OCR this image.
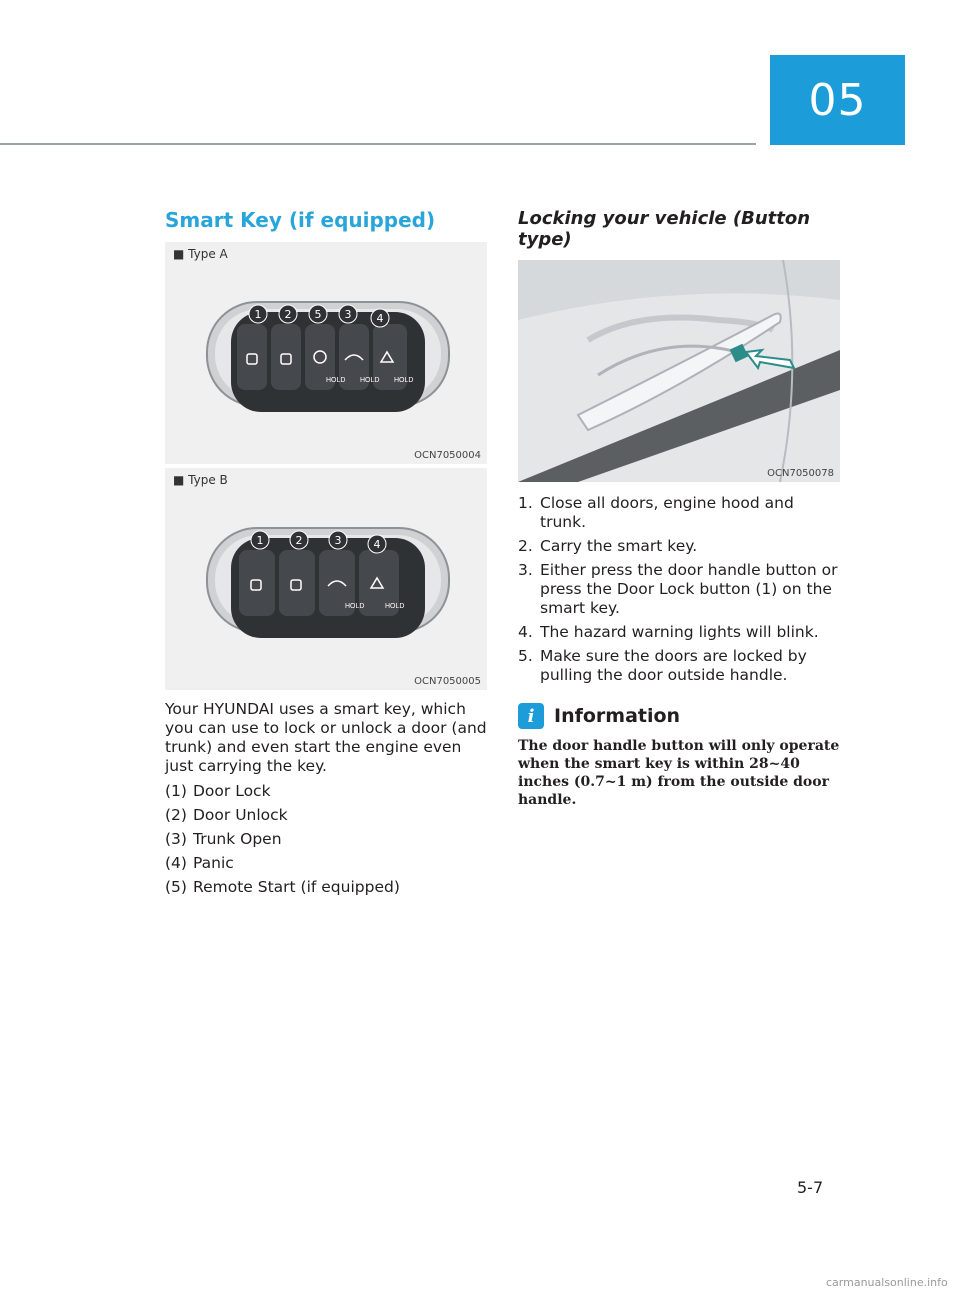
05
Smart Key (if equipped)
■ Type A
HOLD HOLD HOLD
1 2 5 3 4
OCN7050004
■ Type B
HOLD	HOLD
1	2	3	4
OCN7050005

Your HYUNDAI uses a smart key, which you can use to lock or unlock a door (and trunk) and even start the engine even just carrying the key.

(1) Door Lock
(2) Door Unlock
(3) Trunk Open
(4) Panic
(5) Remote Start (if equipped)
Locking your vehicle (Button type)
OCN7050078
1. Close all doors, engine hood and trunk.
2. Carry the smart key.
3. Either press the door handle button or press the Door Lock button (1) on the smart key.
4. The hazard warning lights will blink.
5. Make sure the doors are locked by pulling the door outside handle.
i	Information
The door handle button will only operate when the smart key is within 28~40 inches (0.7~1 m) from the outside door handle.
5-7
carmanualsonline.info
